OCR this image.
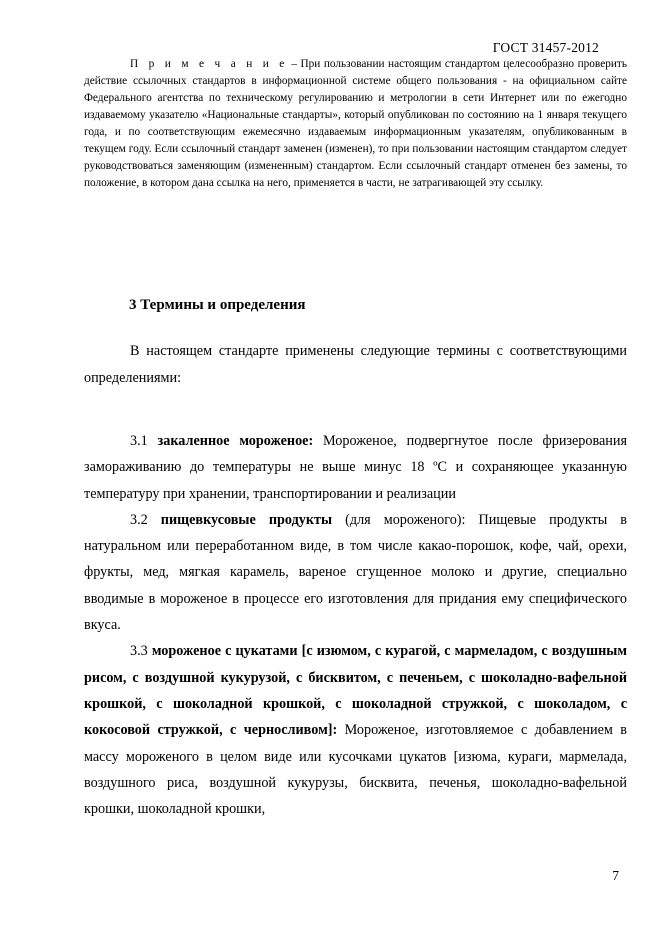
ГОСТ 31457-2012

П р и м е ч а н и е – При пользовании настоящим стандартом целесообразно проверить действие ссылочных стандартов в информационной системе общего пользования - на официальном сайте Федерального агентства по техническому регулированию и метрологии в сети Интернет или по ежегодно издаваемому указателю «Национальные стандарты», который опубликован по состоянию на 1 января текущего года, и по соответствующим ежемесячно издаваемым информационным указателям, опубликованным в текущем году. Если ссылочный стандарт заменен (изменен), то при пользовании настоящим стандартом следует руководствоваться заменяющим (измененным) стандартом. Если ссылочный стандарт отменен без замены, то положение, в котором дана ссылка на него, применяется в части, не затрагивающей эту ссылку.

3 Термины и определения

В настоящем стандарте применены следующие термины с соответствующими определениями:

3.1 закаленное мороженое: Мороженое, подвергнутое после фризерования замораживанию до температуры не выше минус 18 ºС и сохраняющее указанную температуру при хранении, транспортировании и реализации

3.2 пищевкусовые продукты (для мороженого): Пищевые продукты в натуральном или переработанном виде, в том числе какао-порошок, кофе, чай, орехи, фрукты, мед, мягкая карамель, вареное сгущенное молоко и другие, специально вводимые в мороженое в процессе его изготовления для придания ему специфического вкуса.

3.3 мороженое с цукатами [с изюмом, с курагой, с мармеладом, с воздушным рисом, с воздушной кукурузой, с бисквитом, с печеньем, с шоколадно-вафельной крошкой, с шоколадной крошкой, с шоколадной стружкой, с шоколадом, с кокосовой стружкой, с черносливом]: Мороженое, изготовляемое с добавлением в массу мороженого в целом виде или кусочками цукатов [изюма, кураги, мармелада, воздушного риса, воздушной кукурузы, бисквита, печенья, шоколадно-вафельной крошки, шоколадной крошки,

7
